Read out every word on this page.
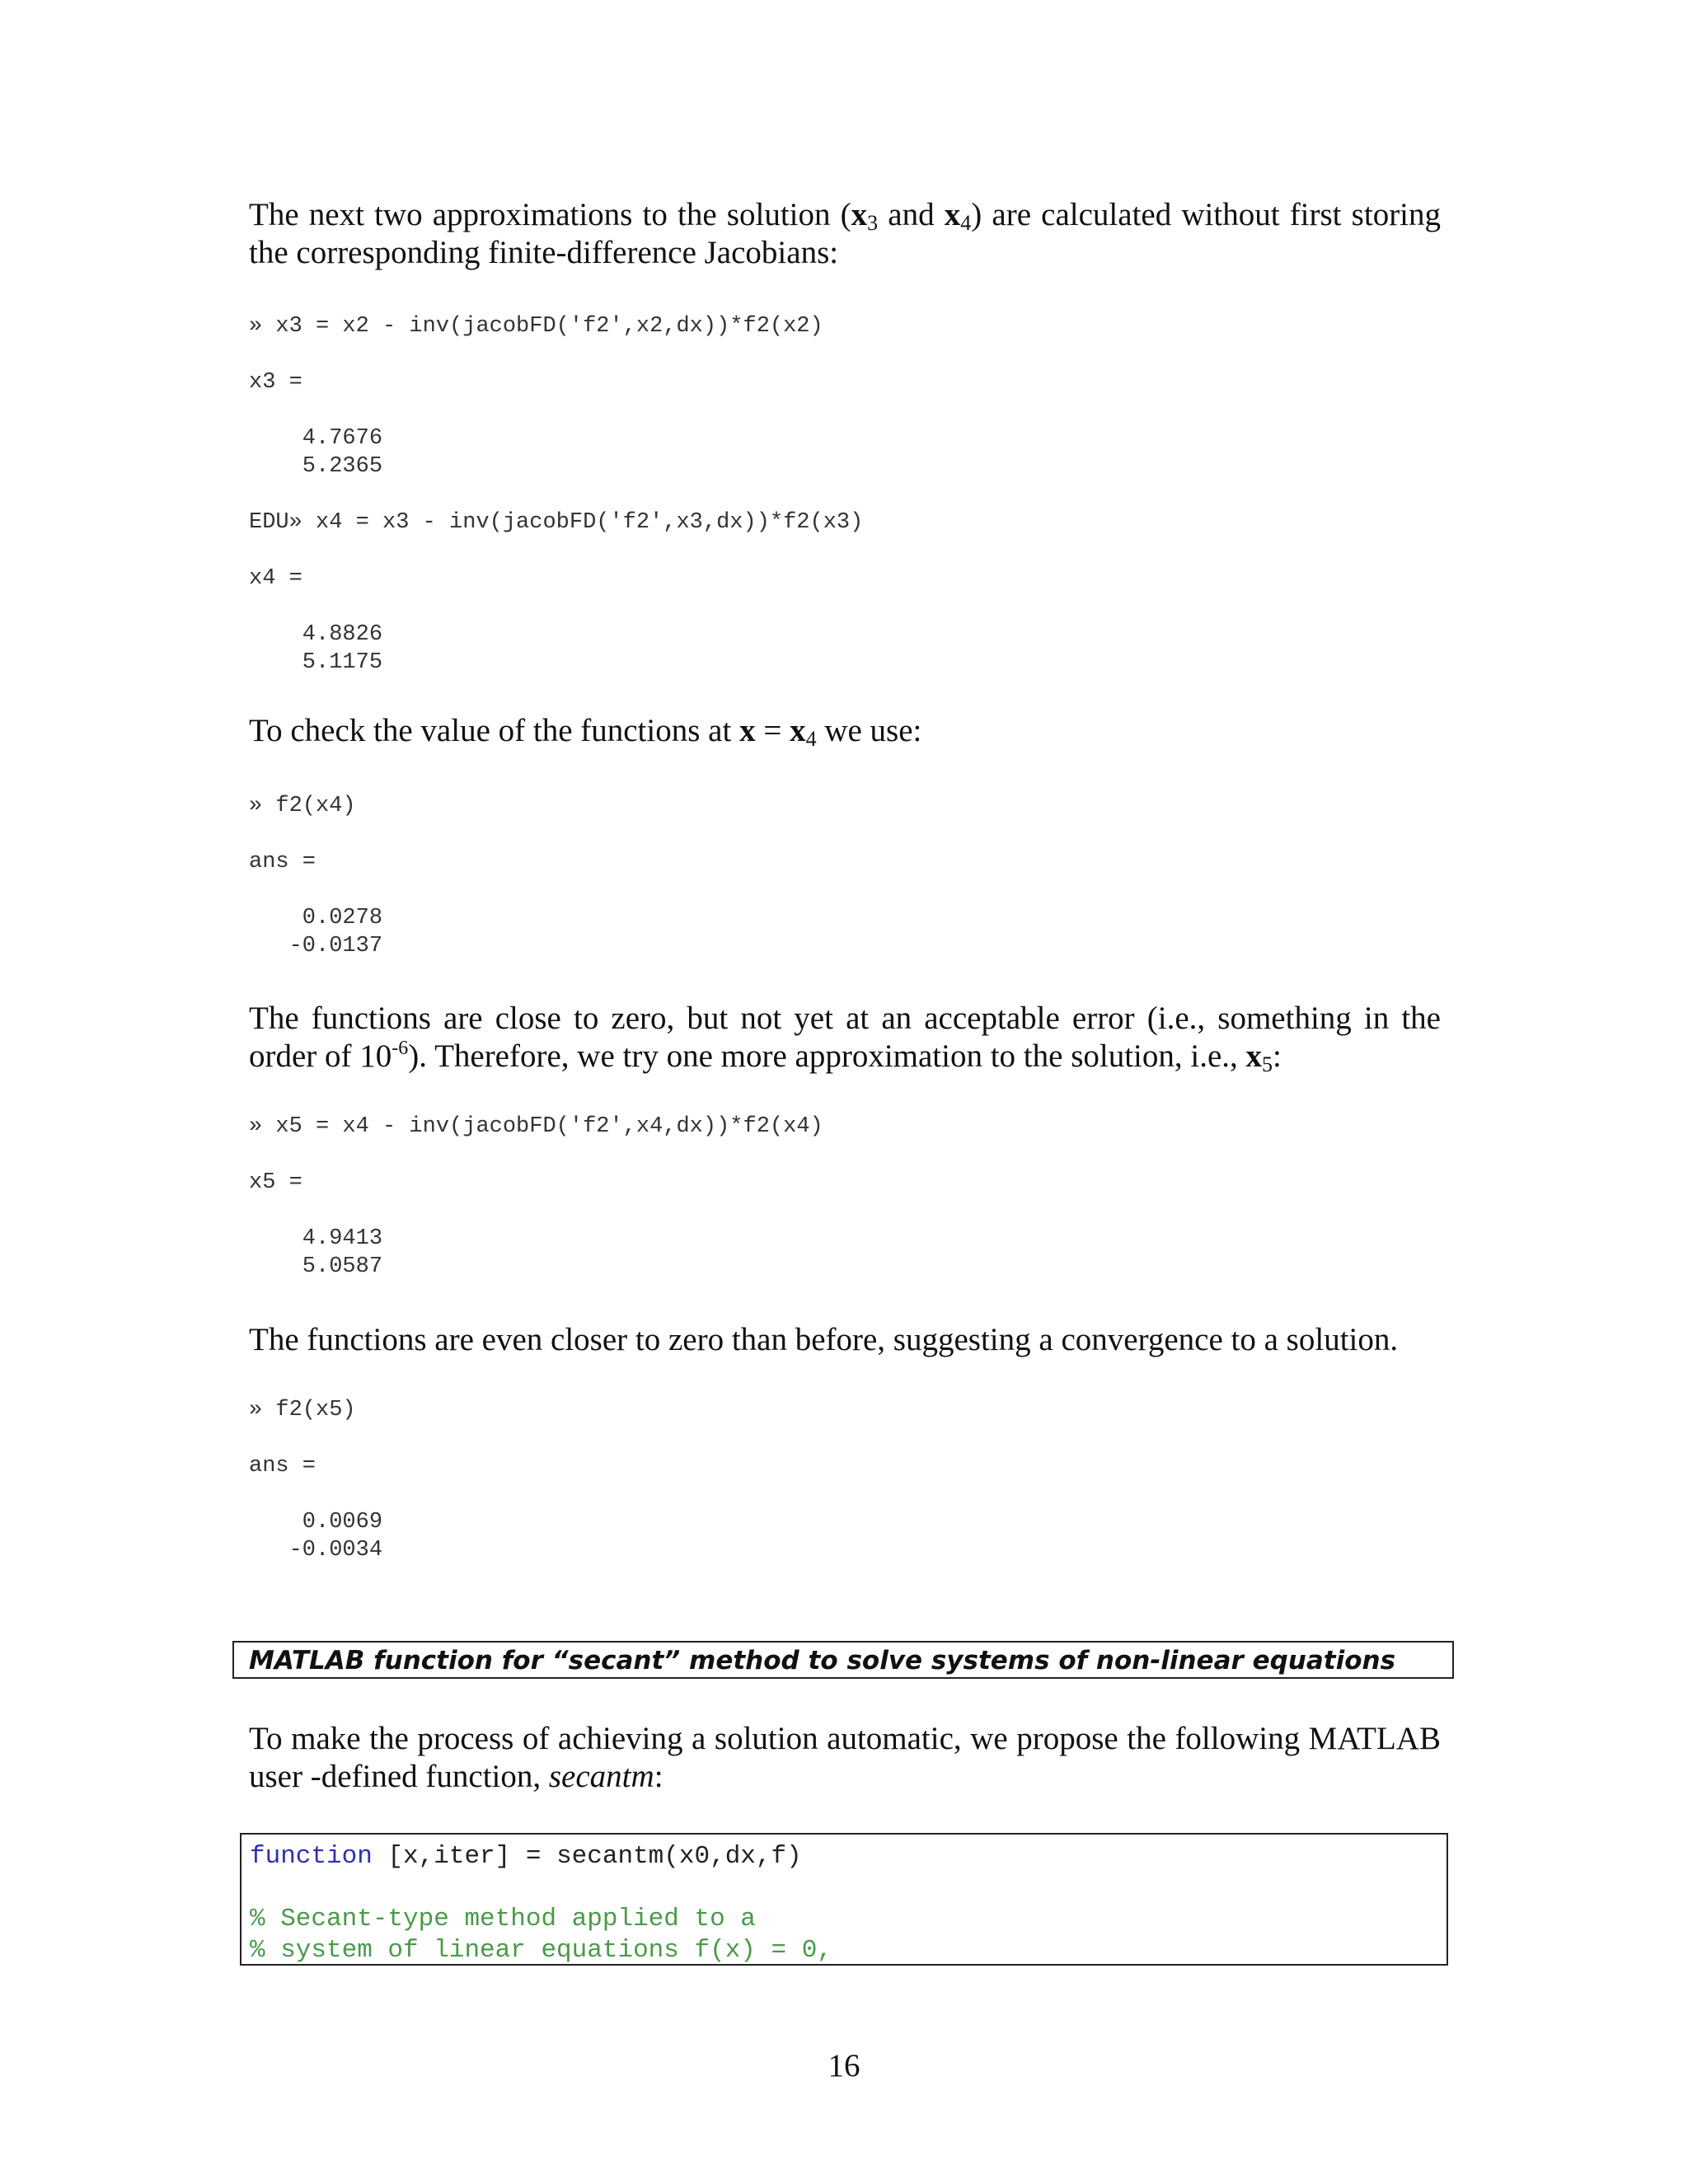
The next two approximations to the solution ($x_3$ and $x_4$) are calculated without first storing the corresponding finite-difference Jacobians:

» x3 = x2 - inv(jacobFD('f2',x2,dx))*f2(x2)

x3 =

4.7676
5.2365

EDU» x4 = x3 - inv(jacobFD('f2',x3,dx))*f2(x3)

x4 =

4.8826
5.1175

To check the value of the functions at $x = x_4$ we use:

» f2(x4)

ans =

0.0278
-0.0137

The functions are close to zero, but not yet at an acceptable error (i.e., something in the order of $10^{-6}$). Therefore, we try one more approximation to the solution, i.e., $x_5$:

» x5 = x4 - inv(jacobFD('f2',x4,dx))*f2(x4)

x5 =

4.9413
5.0587

The functions are even closer to zero than before, suggesting a convergence to a solution.

» f2(x5)

ans =

0.0069
-0.0034
MATLAB function for “secant” method to solve systems of non-linear equations

To make the process of achieving a solution automatic, we propose the following MATLAB user -defined function, secantm:

function [x,iter] = secantm(x0,dx,f)
% Secant-type method applied to a
% system of linear equations f(x) = 0,
16
